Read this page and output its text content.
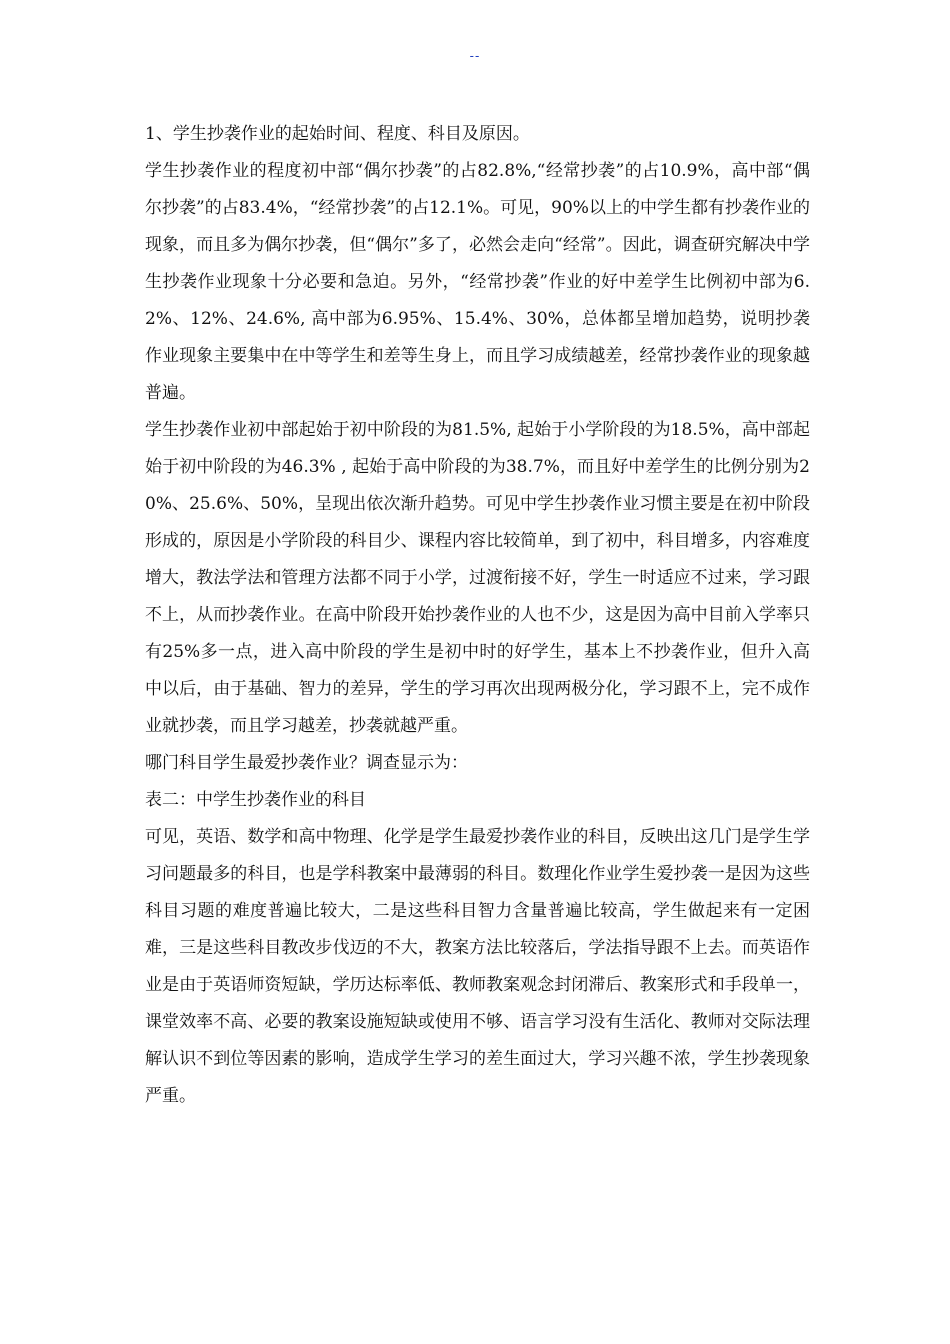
--

1、学生抄袭作业的起始时间、程度、科目及原因。

学生抄袭作业的程度初中部“偶尔抄袭”的占82.8%,“经常抄袭”的占10.9%，高中部“偶尔抄袭”的占83.4%，“经常抄袭”的占12.1%。可见，90%以上的中学生都有抄袭作业的现象，而且多为偶尔抄袭，但“偶尔”多了，必然会走向“经常”。因此，调查研究解决中学生抄袭作业现象十分必要和急迫。另外，“经常抄袭”作业的好中差学生比例初中部为6.2%、12%、24.6%, 高中部为6.95%、15.4%、30%，总体都呈增加趋势，说明抄袭作业现象主要集中在中等学生和差等生身上，而且学习成绩越差，经常抄袭作业的现象越普遍。

学生抄袭作业初中部起始于初中阶段的为81.5%, 起始于小学阶段的为18.5%，高中部起始于初中阶段的为46.3% , 起始于高中阶段的为38.7%，而且好中差学生的比例分别为20%、25.6%、50%，呈现出依次渐升趋势。可见中学生抄袭作业习惯主要是在初中阶段形成的，原因是小学阶段的科目少、课程内容比较简单，到了初中，科目增多，内容难度增大，教法学法和管理方法都不同于小学，过渡衔接不好，学生一时适应不过来，学习跟不上，从而抄袭作业。在高中阶段开始抄袭作业的人也不少，这是因为高中目前入学率只有25%多一点，进入高中阶段的学生是初中时的好学生，基本上不抄袭作业，但升入高中以后，由于基础、智力的差异，学生的学习再次出现两极分化，学习跟不上，完不成作业就抄袭，而且学习越差，抄袭就越严重。

哪门科目学生最爱抄袭作业？调查显示为：

表二：中学生抄袭作业的科目

可见，英语、数学和高中物理、化学是学生最爱抄袭作业的科目，反映出这几门是学生学习问题最多的科目，也是学科教案中最薄弱的科目。数理化作业学生爱抄袭一是因为这些科目习题的难度普遍比较大，二是这些科目智力含量普遍比较高，学生做起来有一定困难，三是这些科目教改步伐迈的不大，教案方法比较落后，学法指导跟不上去。而英语作业是由于英语师资短缺，学历达标率低、教师教案观念封闭滞后、教案形式和手段单一，课堂效率不高、必要的教案设施短缺或使用不够、语言学习没有生活化、教师对交际法理解认识不到位等因素的影响，造成学生学习的差生面过大，学习兴趣不浓，学生抄袭现象严重。
